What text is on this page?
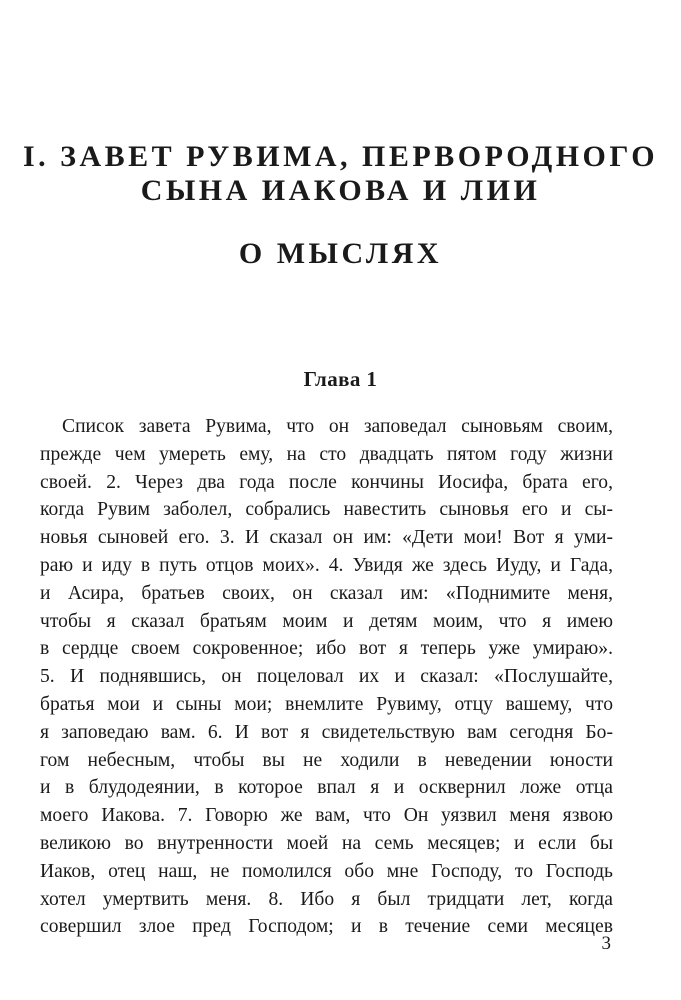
I. ЗАВЕТ РУВИМА, ПЕРВОРОДНОГО
СЫНА ИАКОВА И ЛИИ
О МЫСЛЯХ
Глава 1
Список завета Рувима, что он заповедал сыновьям своим,
прежде чем умереть ему, на сто двадцать пятом году жизни
своей. 2. Через два года после кончины Иосифа, брата его,
когда Рувим заболел, собрались навестить сыновья его и сы-
новья сыновей его. 3. И сказал он им: «Дети мои! Вот я уми-
раю и иду в путь отцов моих». 4. Увидя же здесь Иуду, и Гада,
и Асира, братьев своих, он сказал им: «Поднимите меня,
чтобы я сказал братьям моим и детям моим, что я имею
в сердце своем сокровенное; ибо вот я теперь уже умираю».
5. И поднявшись, он поцеловал их и сказал: «Послушайте,
братья мои и сыны мои; внемлите Рувиму, отцу вашему, что
я заповедаю вам. 6. И вот я свидетельствую вам сегодня Бо-
гом небесным, чтобы вы не ходили в неведении юности
и в блудодеянии, в которое впал я и осквернил ложе отца
моего Иакова. 7. Говорю же вам, что Он уязвил меня язвою
великою во внутренности моей на семь месяцев; и если бы
Иаков, отец наш, не помолился обо мне Господу, то Господь
хотел умертвить меня. 8. Ибо я был тридцати лет, когда
совершил злое пред Господом; и в течение семи месяцев
3
